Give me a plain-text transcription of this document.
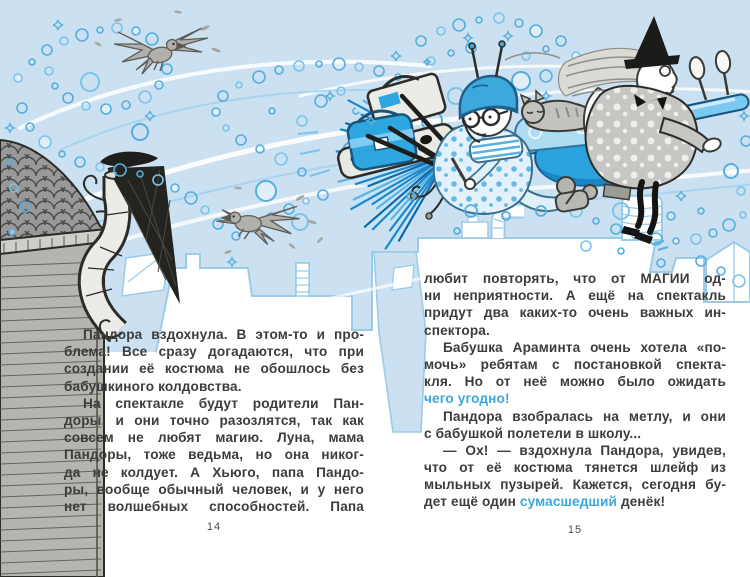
Пандора вздохнула. В этом-то и про-
блема! Все сразу догадаются, что при
создании её костюма не обошлось без
бабушкиного колдовства.
На спектакле будут родители Пан-
доры, и они точно разозлятся, так как
совсем не любят магию. Луна, мама
Пандоры, тоже ведьма, но она никог-
да не колдует. А Хьюго, папа Пандо-
ры, вообще обычный человек, и у него
нет волшебных способностей. Папа
любит повторять, что от МАГИИ од-
ни неприятности. А ещё на спектакль
придут два каких-то очень важных ин-
спектора.
Бабушка Араминта очень хотела «по-
мочь» ребятам с постановкой спекта-
кля. Но от неё можно было ожидать
чего угодно!
Пандора взобралась на метлу, и они
с бабушкой полетели в школу...
— Ох! — вздохнула Пандора, увидев,
что от её костюма тянется шлейф из
мыльных пузырей. Кажется, сегодня бу-
дет ещё один сумасшедший денёк!
14	15
